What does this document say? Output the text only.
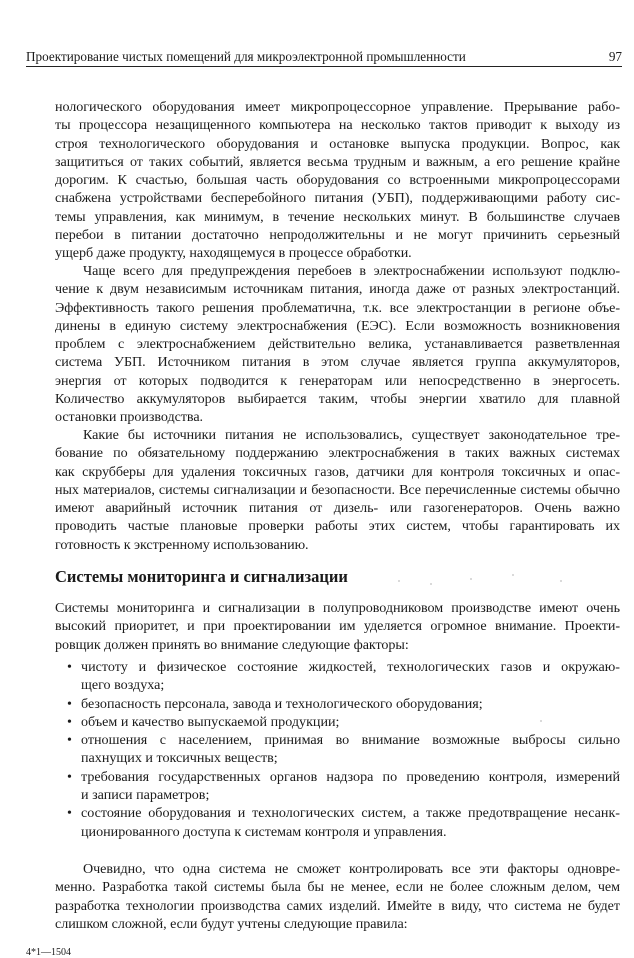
Проектирование чистых помещений для микроэлектронной промышленности	97
нологического оборудования имеет микропроцессорное управление. Прерывание рабо-
ты процессора незащищенного компьютера на несколько тактов приводит к выходу из
строя технологического оборудования и остановке выпуска продукции. Вопрос, как
защититься от таких событий, является весьма трудным и важным, а его решение крайне
дорогим. К счастью, большая часть оборудования со встроенными микропроцессорами
снабжена устройствами бесперебойного питания (УБП), поддерживающими работу сис-
темы управления, как минимум, в течение нескольких минут. В большинстве случаев
перебои в питании достаточно непродолжительны и не могут причинить серьезный
ущерб даже продукту, находящемуся в процессе обработки.
Чаще всего для предупреждения перебоев в электроснабжении используют подклю-
чение к двум независимым источникам питания, иногда даже от разных электростанций.
Эффективность такого решения проблематична, т.к. все электростанции в регионе объе-
динены в единую систему электроснабжения (ЕЭС). Если возможность возникновения
проблем с электроснабжением действительно велика, устанавливается разветвленная
система УБП. Источником питания в этом случае является группа аккумуляторов,
энергия от которых подводится к генераторам или непосредственно в энергосеть.
Количество аккумуляторов выбирается таким, чтобы энергии хватило для плавной
остановки производства.
Какие бы источники питания не использовались, существует законодательное тре-
бование по обязательному поддержанию электроснабжения в таких важных системах
как скрубберы для удаления токсичных газов, датчики для контроля токсичных и опас-
ных материалов, системы сигнализации и безопасности. Все перечисленные системы обычно
имеют аварийный источник питания от дизель- или газогенераторов. Очень важно
проводить частые плановые проверки работы этих систем, чтобы гарантировать их
готовность к экстренному использованию.
Системы мониторинга и сигнализации
Системы мониторинга и сигнализации в полупроводниковом производстве имеют очень
высокий приоритет, и при проектировании им уделяется огромное внимание. Проекти-
ровщик должен принять во внимание следующие факторы:
• чистоту и физическое состояние жидкостей, технологических газов и окружаю-
щего воздуха;
• безопасность персонала, завода и технологического оборудования;
• объем и качество выпускаемой продукции;
• отношения с населением, принимая во внимание возможные выбросы сильно
пахнущих и токсичных веществ;
• требования государственных органов надзора по проведению контроля, измерений
и записи параметров;
• состояние оборудования и технологических систем, а также предотвращение несанк-
ционированного доступа к системам контроля и управления.
Очевидно, что одна система не сможет контролировать все эти факторы одновре-
менно. Разработка такой системы была бы не менее, если не более сложным делом, чем
разработка технологии производства самих изделий. Имейте в виду, что система не будет
слишком сложной, если будут учтены следующие правила:
4*1—1504
